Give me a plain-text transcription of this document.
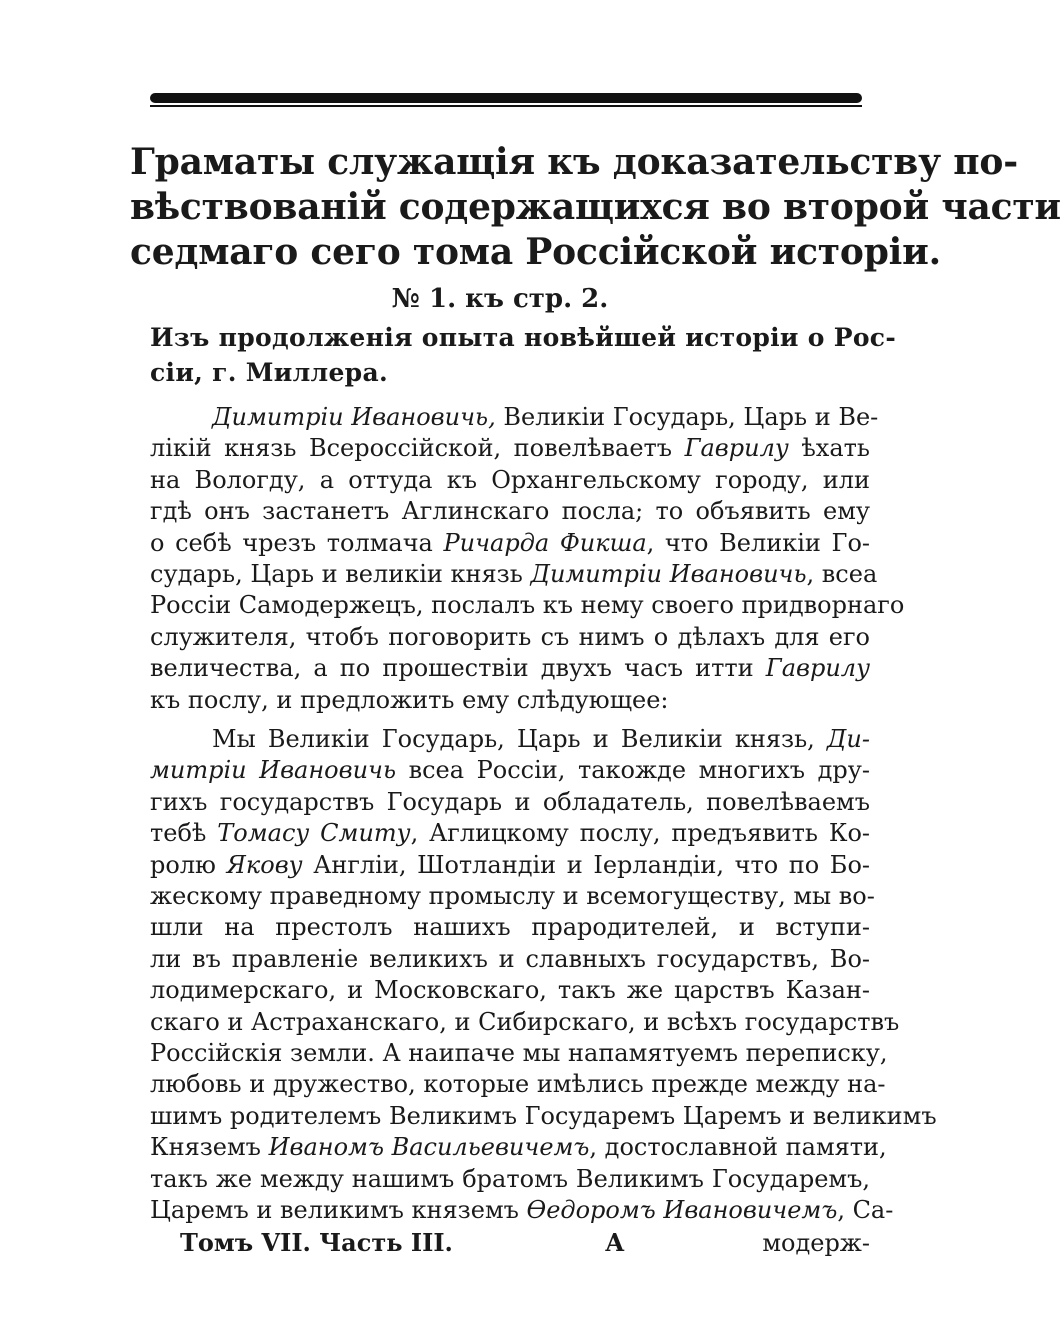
Граматы служащія къ доказательству по-
вѣствованій содержащихся во второй части
седмаго сего тома Россійской исторіи.
№ 1. къ стр. 2.
Изъ продолженія опыта новѣйшей исторіи о Рос-
сіи, г. Миллера.
Димитріи Ивановичь, Великіи Государь, Царь и Ве-
лікій князь Всероссійской, повелѣваетъ Гаврилу ѣхать
на Вологду, а оттуда къ Орхангельскому городу, или
гдѣ онъ застанетъ Аглинскаго посла; то объявить ему
о себѣ чрезъ толмача Ричарда Фикша, что Великіи Го-
сударь, Царь и великіи князь Димитріи Ивановичь, всеа
Россіи Самодержецъ, послалъ къ нему своего придворнаго
служителя, чтобъ поговорить съ нимъ о дѣлахъ для его
величества, а по прошествіи двухъ часъ итти Гаврилу
къ послу, и предложить ему слѣдующее:
Мы Великіи Государь, Царь и Великіи князь, Ди-
митріи Ивановичь всеа Россіи, такожде многихъ дру-
гихъ государствъ Государь и обладатель, повелѣваемъ
тебѣ Томасу Смиту, Аглицкому послу, предъявить Ко-
ролю Якову Англіи, Шотландіи и Іерландіи, что по Бо-
жескому праведному промыслу и всемогуществу, мы во-
шли на престолъ нашихъ прародителей, и вступи-
ли въ правленіе великихъ и славныхъ государствъ, Во-
лодимерскаго, и Московскаго, такъ же царствъ Казан-
скаго и Астраханскаго, и Сибирскаго, и всѣхъ государствъ
Россійскія земли. А наипаче мы напамятуемъ переписку,
любовь и дружество, которые имѣлись прежде между на-
шимъ родителемъ Великимъ Государемъ Царемъ и великимъ
Княземъ Иваномъ Васильевичемъ, достославной памяти,
такъ же между нашимъ братомъ Великимъ Государемъ,
Царемъ и великимъ княземъ Ѳедоромъ Ивановичемъ, Са-
Томъ VII. Часть III.	А	модерж-
